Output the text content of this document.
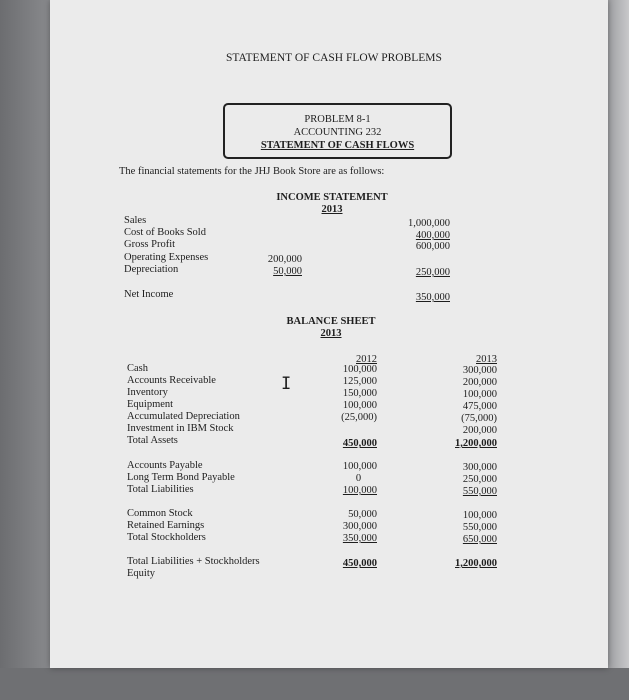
STATEMENT OF CASH FLOW PROBLEMS
PROBLEM 8-1
ACCOUNTING 232
STATEMENT OF CASH FLOWS
The financial statements for the JHJ Book Store are as follows:
INCOME STATEMENT
2013
Sales
Cost of Books Sold
Gross Profit
Operating Expenses
Depreciation
Net Income
200,000
50,000
1,000,000
400,000
600,000
250,000
350,000
BALANCE SHEET
2013
2012	2013
Cash
Accounts Receivable
Inventory
Equipment
Accumulated Depreciation
Investment in IBM Stock
Total Assets
100,000
125,000
150,000
100,000
(25,000)
450,000
300,000
200,000
100,000
475,000
(75,000)
200,000
1,200,000
Accounts Payable
Long Term Bond Payable
Total Liabilities
100,000
0
100,000
300,000
250,000
550,000
Common Stock
Retained Earnings
Total Stockholders
50,000
300,000
350,000
100,000
550,000
650,000
Total Liabilities + Stockholders
Equity
450,000	1,200,000
I
